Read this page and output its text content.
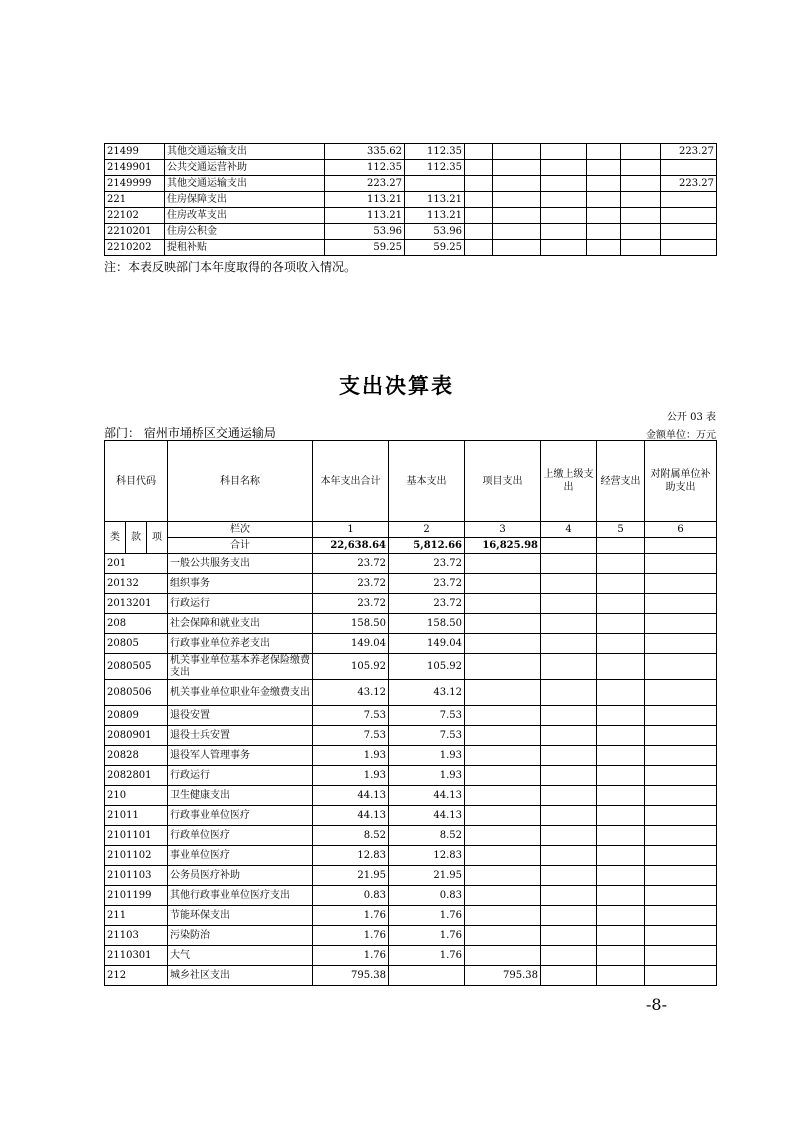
21499	其他交通运输支出	335.62	112.35						223.27
2149901	公共交通运营补助	112.35	112.35						
2149999	其他交通运输支出	223.27							223.27
221	住房保障支出	113.21	113.21						
22102	住房改革支出	113.21	113.21						
2210201	住房公积金	53.96	53.96						
2210202	提租补贴	59.25	59.25						
注：本表反映部门本年度取得的各项收入情况。
支出决算表
公开 03 表
部门： 宿州市埇桥区交通运输局	金额单位：万元
科目代码			科目名称	本年支出合计	基本支出	项目支出	上缴上级支出	经营支出	对附属单位补助支出
类	款	项	栏次	1	2	3	4	5	6
			合计	22,638.64	5,812.66	16,825.98			
201			一般公共服务支出	23.72	23.72				
20132			组织事务	23.72	23.72				
2013201			行政运行	23.72	23.72				
208			社会保障和就业支出	158.50	158.50				
20805			行政事业单位养老支出	149.04	149.04				
2080505			机关事业单位基本养老保险缴费支出	105.92	105.92				
2080506			机关事业单位职业年金缴费支出	43.12	43.12				
20809			退役安置	7.53	7.53				
2080901			退役士兵安置	7.53	7.53				
20828			退役军人管理事务	1.93	1.93				
2082801			行政运行	1.93	1.93				
210			卫生健康支出	44.13	44.13				
21011			行政事业单位医疗	44.13	44.13				
2101101			行政单位医疗	8.52	8.52				
2101102			事业单位医疗	12.83	12.83				
2101103			公务员医疗补助	21.95	21.95				
2101199			其他行政事业单位医疗支出	0.83	0.83				
211			节能环保支出	1.76	1.76				
21103			污染防治	1.76	1.76				
2110301			大气	1.76	1.76				
212			城乡社区支出	795.38		795.38			
-8-
